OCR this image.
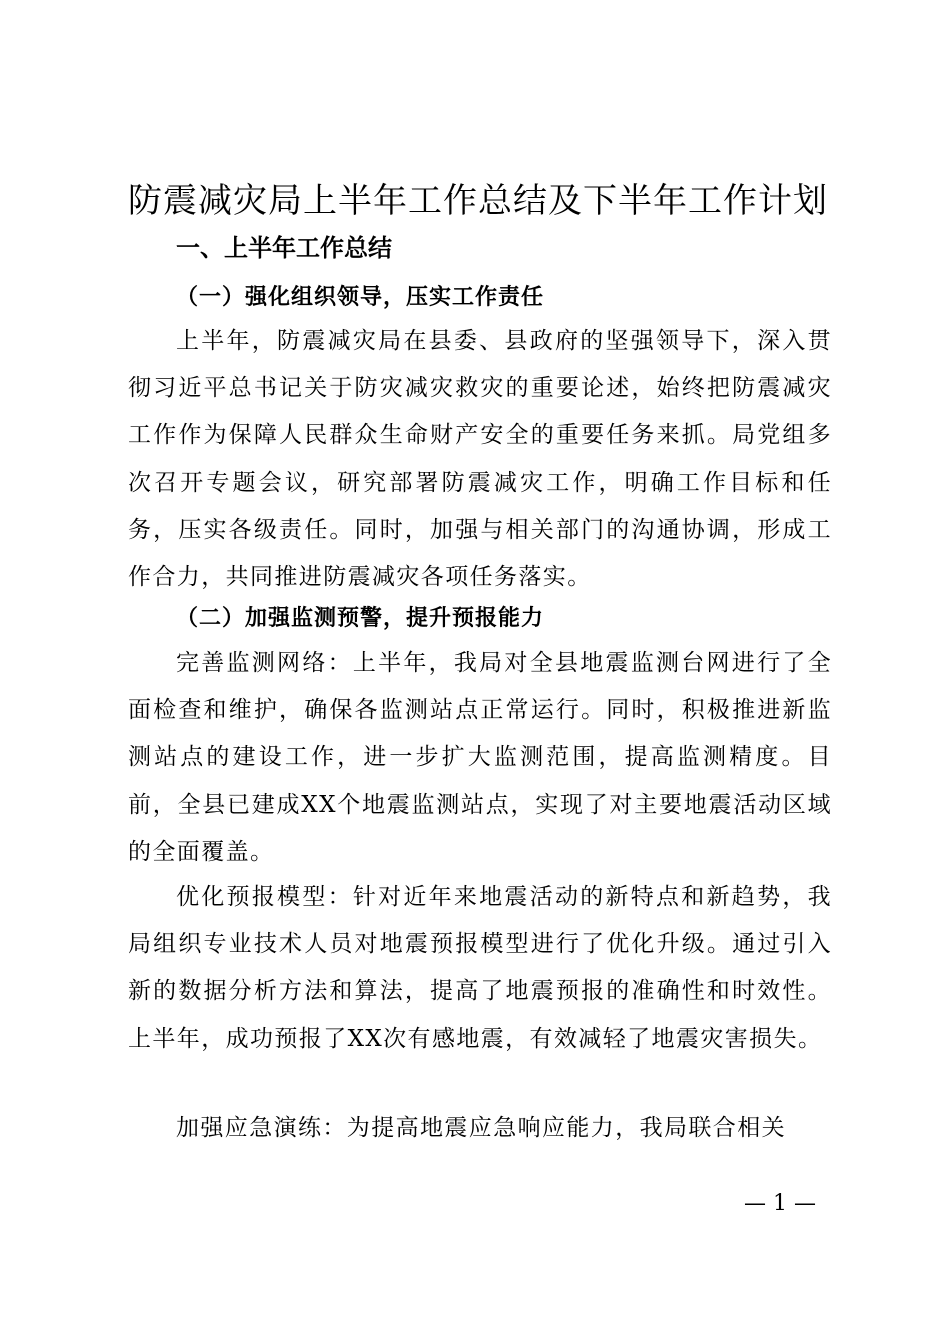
防震减灾局上半年工作总结及下半年工作计划
一、上半年工作总结
（一）强化组织领导，压实工作责任
上半年，防震减灾局在县委、县政府的坚强领导下，深入贯彻习近平总书记关于防灾减灾救灾的重要论述，始终把防震减灾工作作为保障人民群众生命财产安全的重要任务来抓。局党组多次召开专题会议，研究部署防震减灾工作，明确工作目标和任务，压实各级责任。同时，加强与相关部门的沟通协调，形成工作合力，共同推进防震减灾各项任务落实。
（二）加强监测预警，提升预报能力
完善监测网络：上半年，我局对全县地震监测台网进行了全面检查和维护，确保各监测站点正常运行。同时，积极推进新监测站点的建设工作，进一步扩大监测范围，提高监测精度。目前，全县已建成XX个地震监测站点，实现了对主要地震活动区域的全面覆盖。
优化预报模型：针对近年来地震活动的新特点和新趋势，我局组织专业技术人员对地震预报模型进行了优化升级。通过引入新的数据分析方法和算法，提高了地震预报的准确性和时效性。上半年，成功预报了XX次有感地震，有效减轻了地震灾害损失。
加强应急演练：为提高地震应急响应能力，我局联合相关
— 1 —
